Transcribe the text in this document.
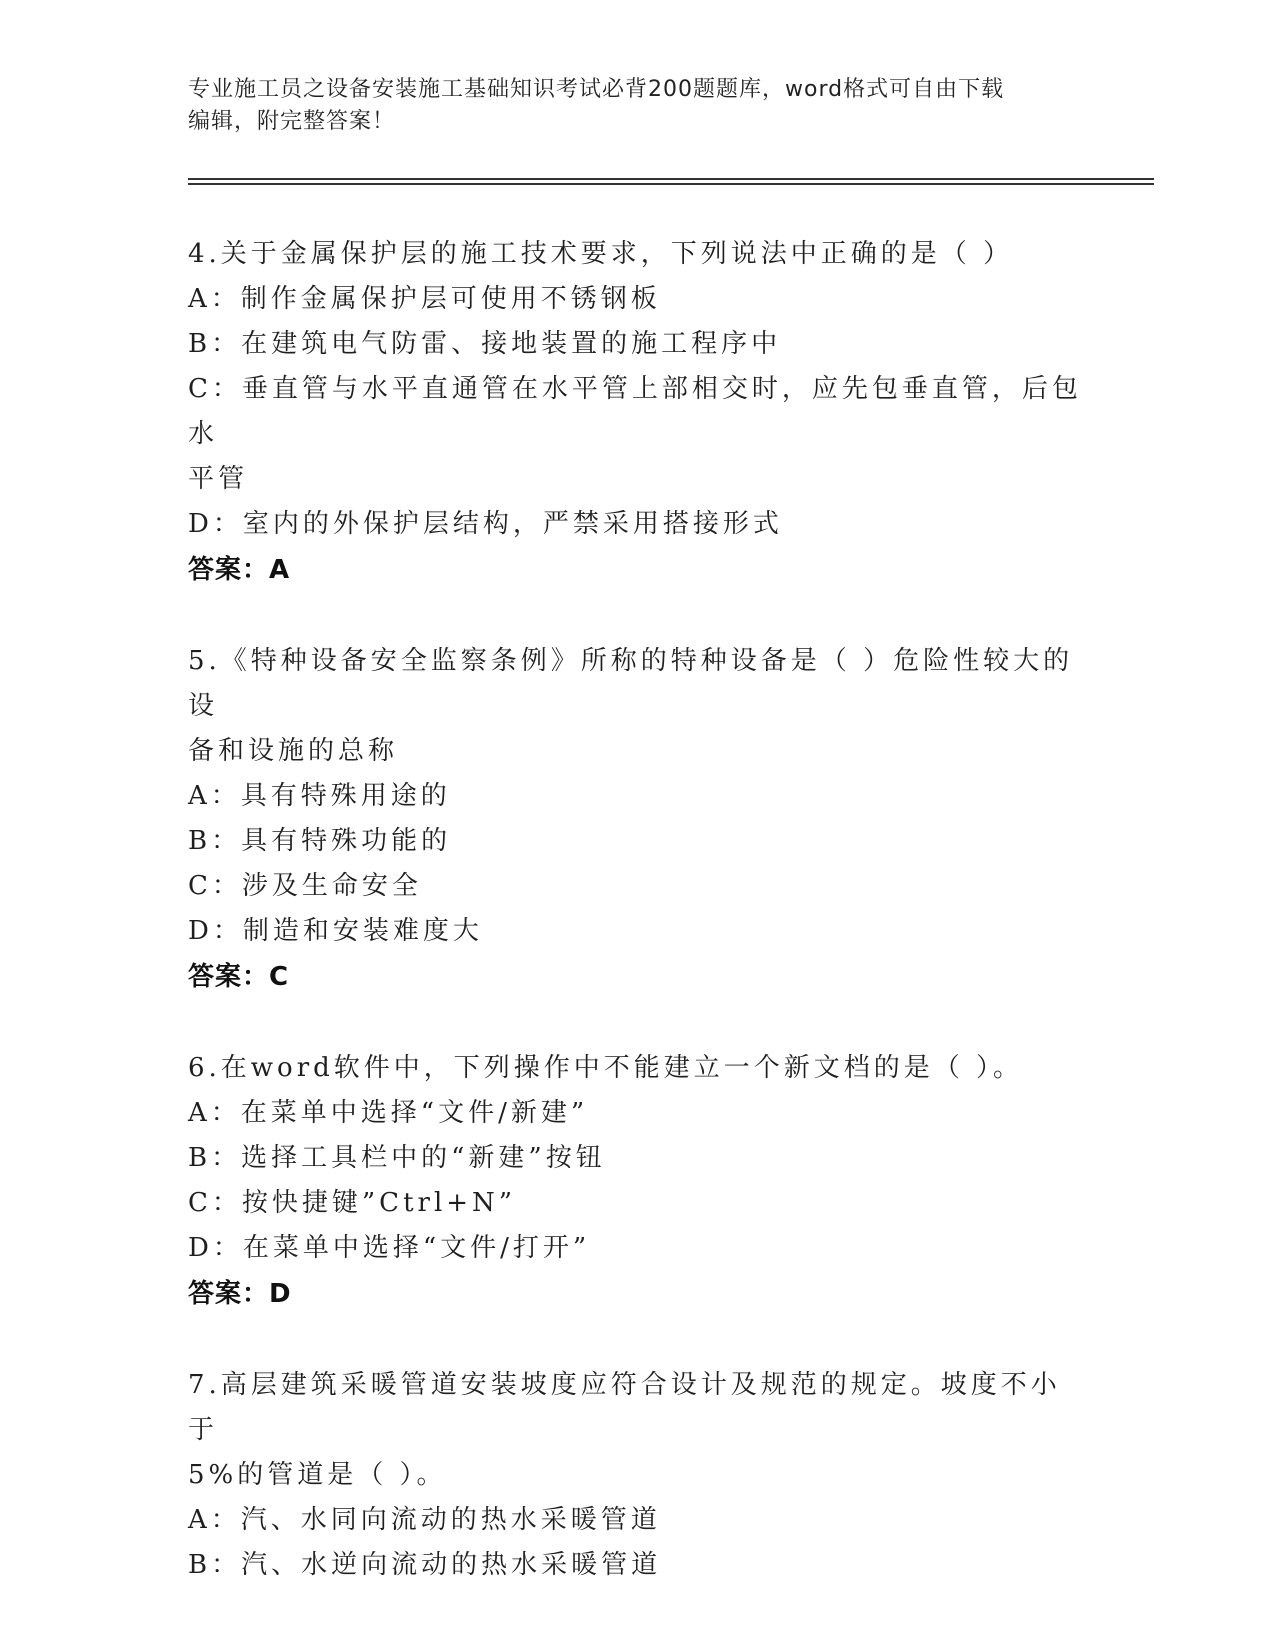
专业施工员之设备安装施工基础知识考试必背200题题库，word格式可自由下载
编辑，附完整答案！
4.关于金属保护层的施工技术要求，下列说法中正确的是（ ）
A：制作金属保护层可使用不锈钢板
B：在建筑电气防雷、接地装置的施工程序中
C：垂直管与水平直通管在水平管上部相交时，应先包垂直管，后包水
平管
D：室内的外保护层结构，严禁采用搭接形式
答案：A
5.《特种设备安全监察条例》所称的特种设备是（ ）危险性较大的设
备和设施的总称
A：具有特殊用途的
B：具有特殊功能的
C：涉及生命安全
D：制造和安装难度大
答案：C
6.在word软件中，下列操作中不能建立一个新文档的是（ ）。
A：在菜单中选择“文件/新建”
B：选择工具栏中的“新建”按钮
C：按快捷键”Ctrl+N”
D：在菜单中选择“文件/打开”
答案：D
7.高层建筑采暖管道安装坡度应符合设计及规范的规定。坡度不小于
5%的管道是（ ）。
A：汽、水同向流动的热水采暖管道
B：汽、水逆向流动的热水采暖管道
